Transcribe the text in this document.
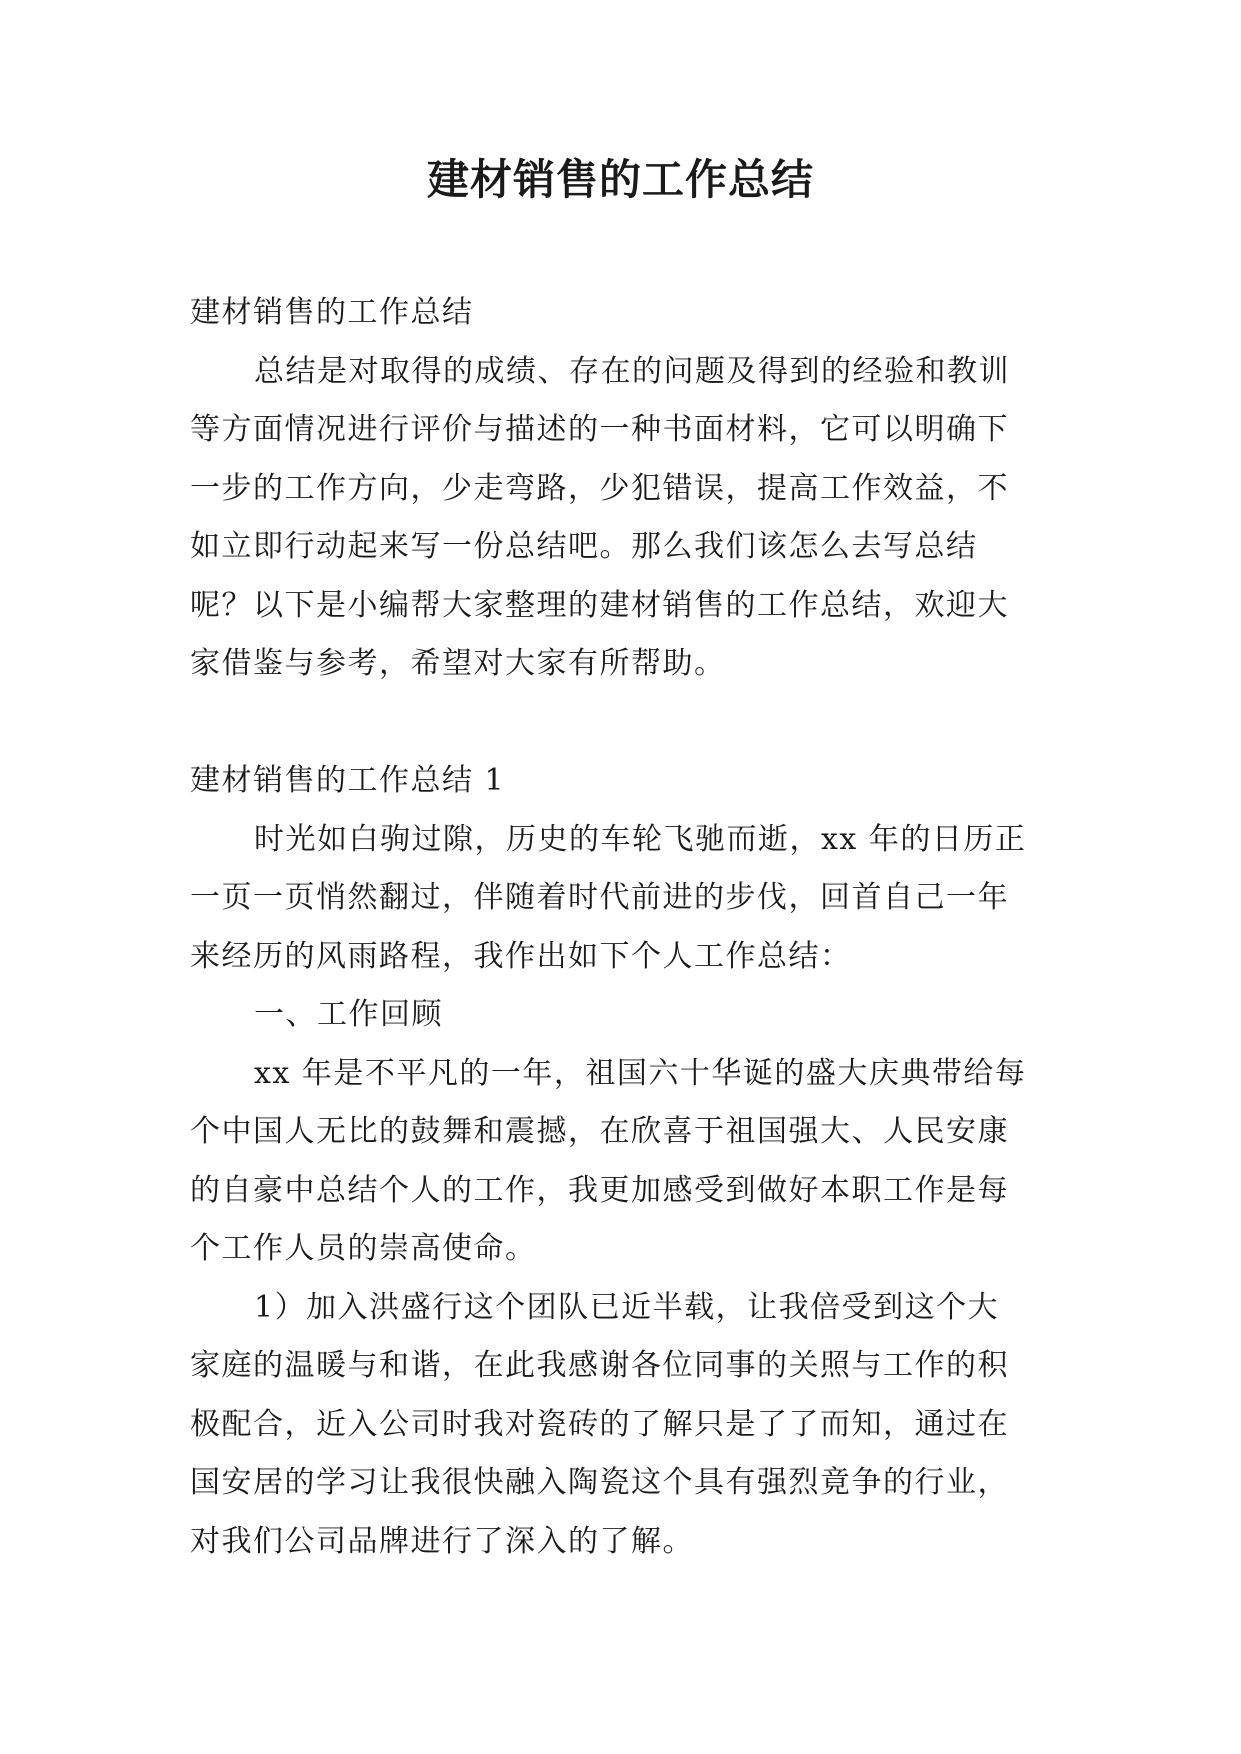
建材销售的工作总结
建材销售的工作总结
总结是对取得的成绩、存在的问题及得到的经验和教训
等方面情况进行评价与描述的一种书面材料，它可以明确下
一步的工作方向，少走弯路，少犯错误，提高工作效益，不
如立即行动起来写一份总结吧。那么我们该怎么去写总结
呢？以下是小编帮大家整理的建材销售的工作总结，欢迎大
家借鉴与参考，希望对大家有所帮助。
建材销售的工作总结 1
时光如白驹过隙，历史的车轮飞驰而逝，xx 年的日历正
一页一页悄然翻过，伴随着时代前进的步伐，回首自己一年
来经历的风雨路程，我作出如下个人工作总结：
一、工作回顾
xx 年是不平凡的一年，祖国六十华诞的盛大庆典带给每
个中国人无比的鼓舞和震撼，在欣喜于祖国强大、人民安康
的自豪中总结个人的工作，我更加感受到做好本职工作是每
个工作人员的崇高使命。
1）加入洪盛行这个团队已近半载，让我倍受到这个大
家庭的温暖与和谐，在此我感谢各位同事的关照与工作的积
极配合，近入公司时我对瓷砖的了解只是了了而知，通过在
国安居的学习让我很快融入陶瓷这个具有强烈竟争的行业，
对我们公司品牌进行了深入的了解。
